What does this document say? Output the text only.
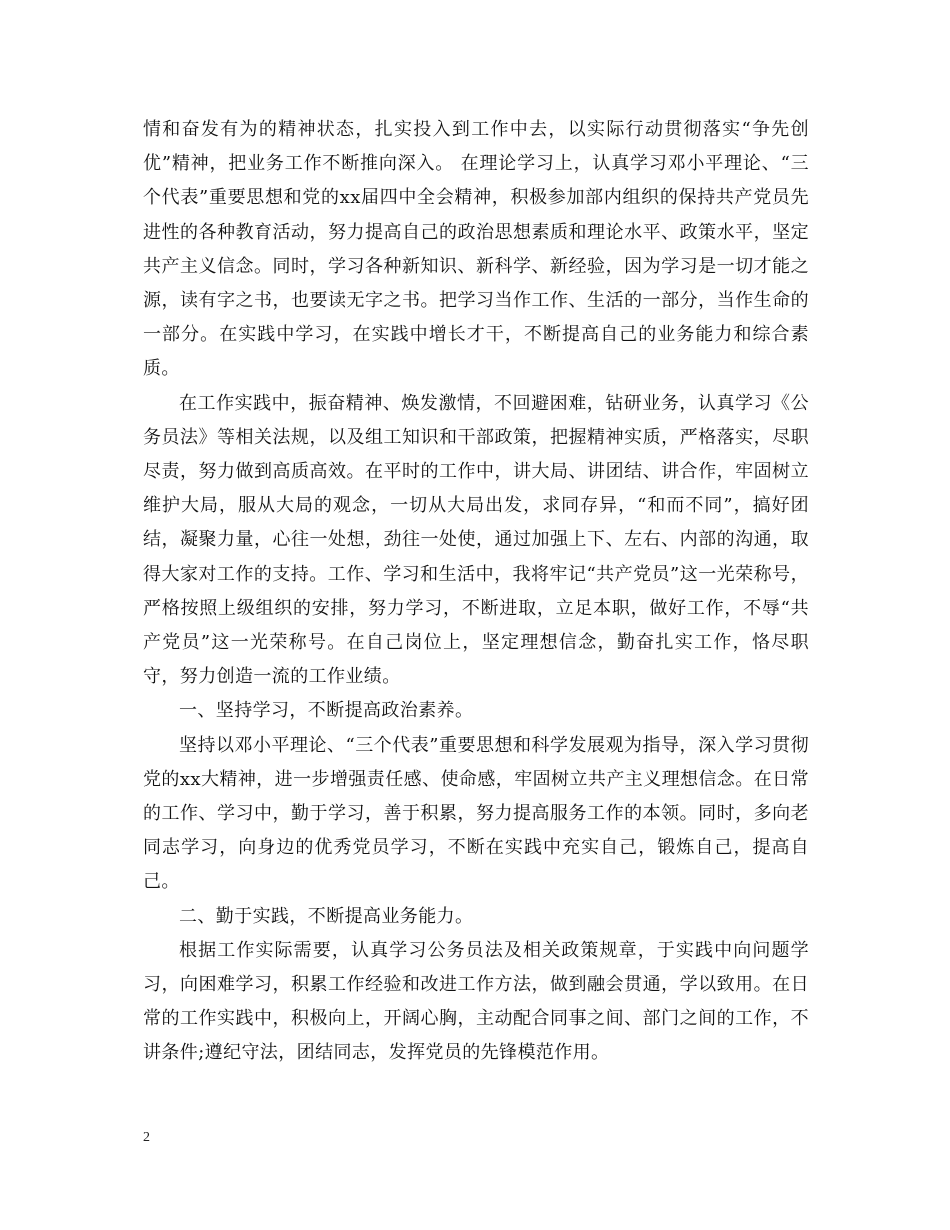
情和奋发有为的精神状态，扎实投入到工作中去，以实际行动贯彻落实“争先创优”精神，把业务工作不断推向深入。 在理论学习上，认真学习邓小平理论、“三个代表”重要思想和党的xx届四中全会精神，积极参加部内组织的保持共产党员先进性的各种教育活动，努力提高自己的政治思想素质和理论水平、政策水平，坚定共产主义信念。同时，学习各种新知识、新科学、新经验，因为学习是一切才能之源，读有字之书，也要读无字之书。把学习当作工作、生活的一部分，当作生命的一部分。在实践中学习，在实践中增长才干，不断提高自己的业务能力和综合素质。

在工作实践中，振奋精神、焕发激情，不回避困难，钻研业务，认真学习《公务员法》等相关法规，以及组工知识和干部政策，把握精神实质，严格落实，尽职尽责，努力做到高质高效。在平时的工作中，讲大局、讲团结、讲合作，牢固树立维护大局，服从大局的观念，一切从大局出发，求同存异，“和而不同”，搞好团结，凝聚力量，心往一处想，劲往一处使，通过加强上下、左右、内部的沟通，取得大家对工作的支持。工作、学习和生活中，我将牢记“共产党员”这一光荣称号，严格按照上级组织的安排，努力学习，不断进取，立足本职，做好工作，不辱“共产党员”这一光荣称号。在自己岗位上，坚定理想信念，勤奋扎实工作，恪尽职守，努力创造一流的工作业绩。

一、坚持学习，不断提高政治素养。

坚持以邓小平理论、“三个代表”重要思想和科学发展观为指导，深入学习贯彻党的xx大精神，进一步增强责任感、使命感，牢固树立共产主义理想信念。在日常的工作、学习中，勤于学习，善于积累，努力提高服务工作的本领。同时，多向老同志学习，向身边的优秀党员学习，不断在实践中充实自己，锻炼自己，提高自己。

二、勤于实践，不断提高业务能力。

根据工作实际需要，认真学习公务员法及相关政策规章，于实践中向问题学习，向困难学习，积累工作经验和改进工作方法，做到融会贯通，学以致用。在日常的工作实践中，积极向上，开阔心胸，主动配合同事之间、部门之间的工作，不讲条件;遵纪守法，团结同志，发挥党员的先锋模范作用。

2
